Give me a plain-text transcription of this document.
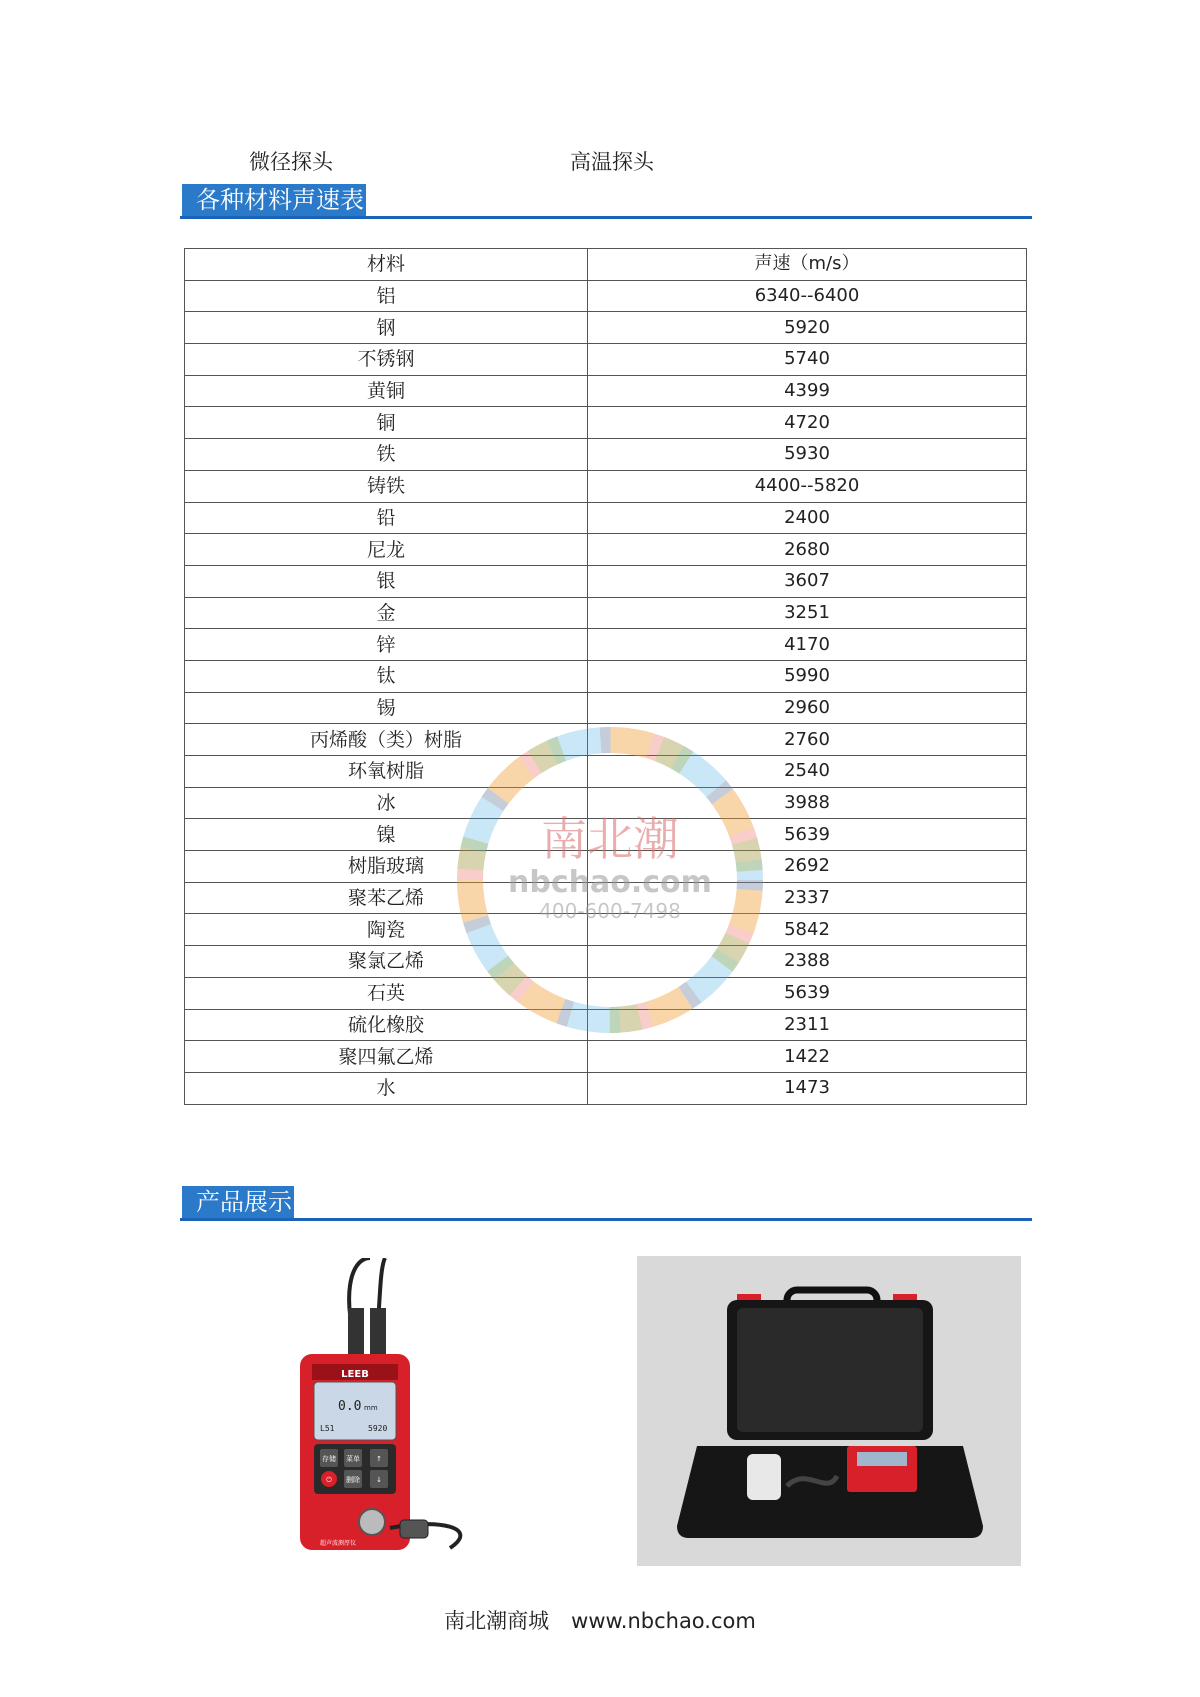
微径探头	高温探头
各种材料声速表
材料	声速（m/s）
铝	6340--6400
钢	5920
不锈钢	5740
黄铜	4399
铜	4720
铁	5930
铸铁	4400--5820
铅	2400
尼龙	2680
银	3607
金	3251
锌	4170
钛	5990
锡	2960
丙烯酸（类）树脂	2760
环氧树脂	2540
冰	3988
镍	5639
树脂玻璃	2692
聚苯乙烯	2337
陶瓷	5842
聚氯乙烯	2388
石英	5639
硫化橡胶	2311
聚四氟乙烯	1422
水	1473
南北潮
nbchao.com
400-600-7498
产品展示
LEEB
0.0 mm
L51	5920
存储 菜单 ↑
⏻ 删除 ↓
超声波测厚仪
南北潮商城 www.nbchao.com
